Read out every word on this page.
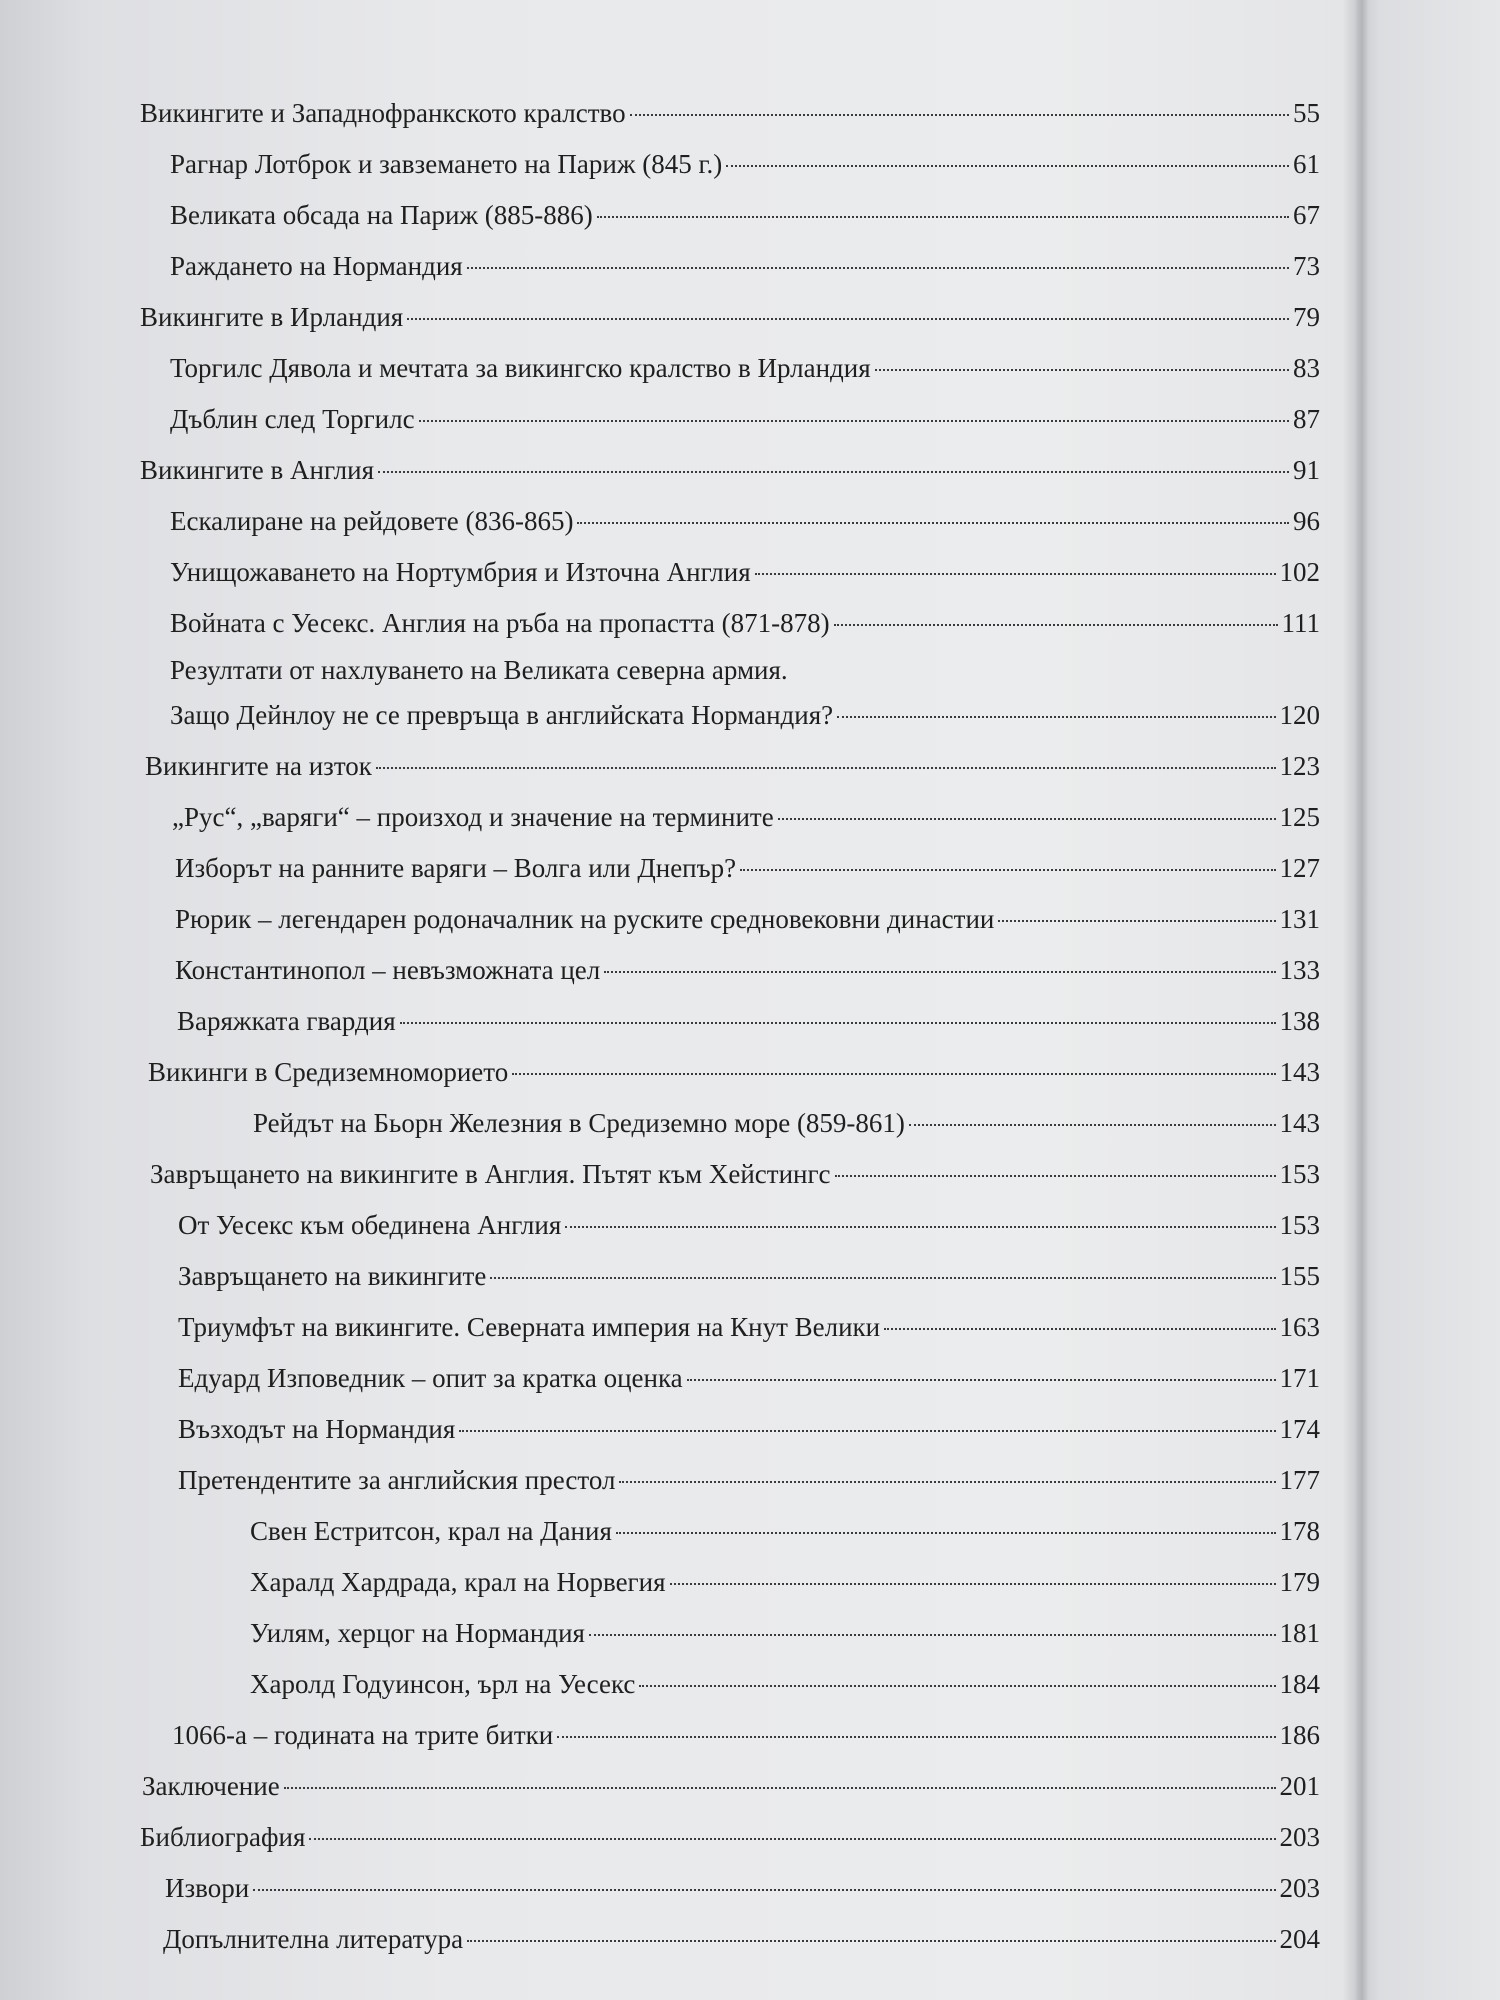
Викингите и Западнофранкското кралство	55
Рагнар Лотброк и завземането на Париж (845 г.)	61
Великата обсада на Париж (885-886)	67
Раждането на Нормандия	73
Викингите в Ирландия	79
Торгилс Дявола и мечтата за викингско кралство в Ирландия	83
Дъблин след Торгилс	87
Викингите в Англия	91
Ескалиране на рейдовете (836-865)	96
Унищожаването на Нортумбрия и Източна Англия	102
Войната с Уесекс. Англия на ръба на пропастта (871-878)	111
Резултати от нахлуването на Великата северна армия.
Защо Дейнлоу не се превръща в английската Нормандия?	120
Викингите на изток	123
„Рус“, „варяги“ – произход и значение на термините	125
Изборът на ранните варяги – Волга или Днепър?	127
Рюрик – легендарен родоначалник на руските средновековни династии	131
Константинопол – невъзможната цел	133
Варяжката гвардия	138
Викинги в Средиземноморието	143
Рейдът на Бьорн Железния в Средиземно море (859-861)	143
Завръщането на викингите в Англия. Пътят към Хейстингс	153
От Уесекс към обединена Англия	153
Завръщането на викингите	155
Триумфът на викингите. Северната империя на Кнут Велики	163
Едуард Изповедник – опит за кратка оценка	171
Възходът на Нормандия	174
Претендентите за английския престол	177
Свен Естритсон, крал на Дания	178
Харалд Хардрада, крал на Норвегия	179
Уилям, херцог на Нормандия	181
Харолд Годуинсон, ърл на Уесекс	184
1066-а – годината на трите битки	186
Заключение	201
Библиография	203
Извори	203
Допълнителна литература	204
